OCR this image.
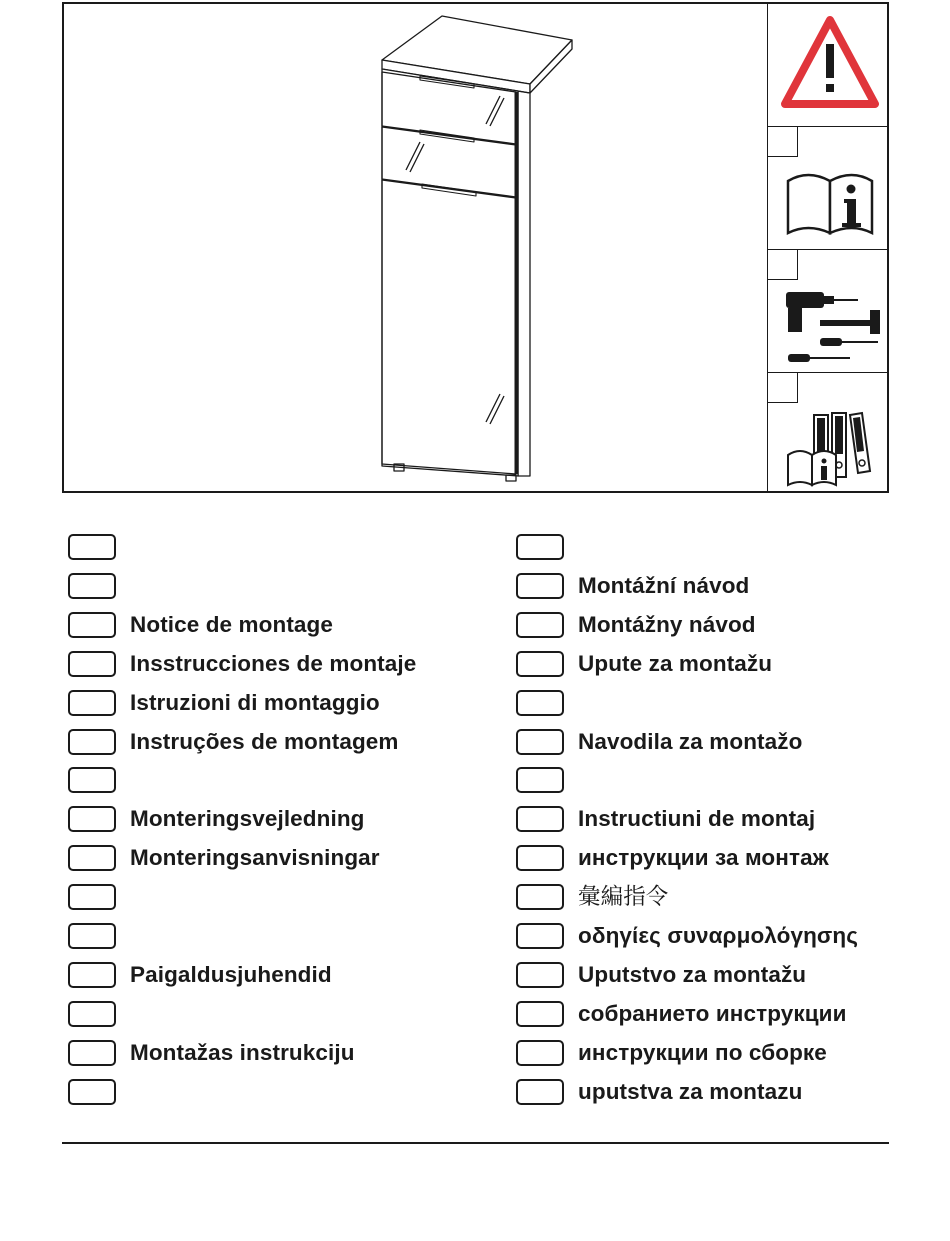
Notice de montage
Insstrucciones de montaje
Istruzioni di montaggio
Instruções de montagem
Monteringsvejledning
Monteringsanvisningar
Paigaldusjuhendid
Montažas instrukciju
Montážní návod
Montážny návod
Upute za montažu
Navodila za montažo
Instructiuni de montaj
инструкции за монтаж
彙編指令
οδηγίες συναρμολόγησης
Uputstvo za montažu
собранието инструкции
инструкции по сборке
uputstva za montazu
